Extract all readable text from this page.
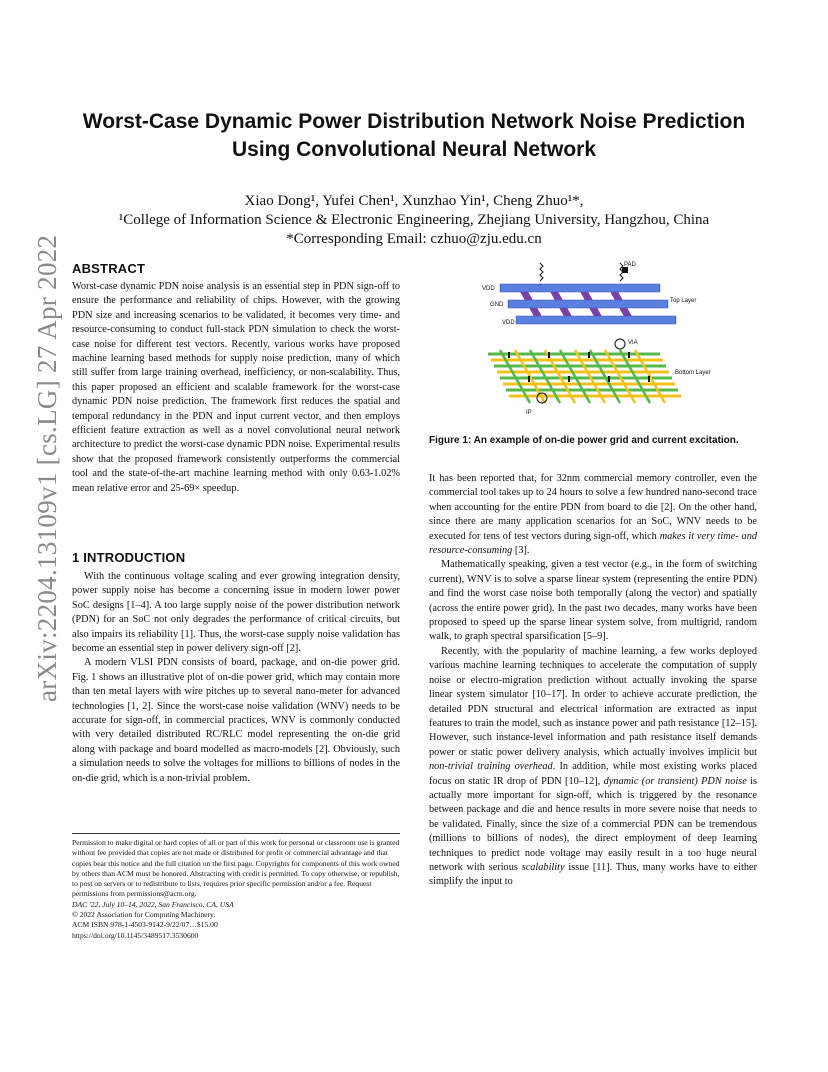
arXiv:2204.13109v1 [cs.LG] 27 Apr 2022
Worst-Case Dynamic Power Distribution Network Noise Prediction Using Convolutional Neural Network
Xiao Dong¹, Yufei Chen¹, Xunzhao Yin¹, Cheng Zhuo¹*,
¹College of Information Science & Electronic Engineering, Zhejiang University, Hangzhou, China
*Corresponding Email: czhuo@zju.edu.cn
ABSTRACT

Worst-case dynamic PDN noise analysis is an essential step in PDN sign-off to ensure the performance and reliability of chips. However, with the growing PDN size and increasing scenarios to be validated, it becomes very time- and resource-consuming to conduct full-stack PDN simulation to check the worst-case noise for different test vectors. Recently, various works have proposed machine learning based methods for supply noise prediction, many of which still suffer from large training overhead, inefficiency, or non-scalability. Thus, this paper proposed an efficient and scalable framework for the worst-case dynamic PDN noise prediction. The framework first reduces the spatial and temporal redundancy in the PDN and input current vector, and then employs efficient feature extraction as well as a novel convolutional neural network architecture to predict the worst-case dynamic PDN noise. Experimental results show that the proposed framework consistently outperforms the commercial tool and the state-of-the-art machine learning method with only 0.63-1.02% mean relative error and 25-69× speedup.

1 INTRODUCTION

With the continuous voltage scaling and ever growing integration density, power supply noise has become a concerning issue in modern lower power SoC designs [1–4]. A too large supply noise of the power distribution network (PDN) for an SoC not only degrades the performance of critical circuits, but also impairs its reliability [1]. Thus, the worst-case supply noise validation has become an essential step in power delivery sign-off [2].

A modern VLSI PDN consists of board, package, and on-die power grid. Fig. 1 shows an illustrative plot of on-die power grid, which may contain more than ten metal layers with wire pitches up to several nano-meter for advanced technologies [1, 2]. Since the worst-case noise validation (WNV) needs to be accurate for sign-off, in commercial practices, WNV is commonly conducted with very detailed distributed RC/RLC model representing the on-die grid along with package and board modelled as macro-models [2]. Obviously, such a simulation needs to solve the voltages for millions to billions of nodes in the on-die grid, which is a non-trivial problem.

Permission to make digital or hard copies of all or part of this work for personal or classroom use is granted without fee provided that copies are not made or distributed for profit or commercial advantage and that copies bear this notice and the full citation on the first page. Copyrights for components of this work owned by others than ACM must be honored. Abstracting with credit is permitted. To copy otherwise, or republish, to post on servers or to redistribute to lists, requires prior specific permission and/or a fee. Request permissions from permissions@acm.org.

DAC '22, July 10–14, 2022, San Francisco, CA, USA

© 2022 Association for Computing Machinery.

ACM ISBN 978-1-4503-9142-9/22/07…$15.00

https://doi.org/10.1145/3489517.3530600

PAD
VDD
GND
VDD
Top Layer
VIA
Bottom Layer
IP
Figure 1: An example of on-die power grid and current excitation.

It has been reported that, for 32nm commercial memory controller, even the commercial tool takes up to 24 hours to solve a few hundred nano-second trace when accounting for the entire PDN from board to die [2]. On the other hand, since there are many application scenarios for an SoC, WNV needs to be executed for tens of test vectors during sign-off, which makes it very time- and resource-consuming [3].

Mathematically speaking, given a test vector (e.g., in the form of switching current), WNV is to solve a sparse linear system (representing the entire PDN) and find the worst case noise both temporally (along the vector) and spatially (across the entire power grid). In the past two decades, many works have been proposed to speed up the sparse linear system solve, from multigrid, random walk, to graph spectral sparsification [5–9].

Recently, with the popularity of machine learning, a few works deployed various machine learning techniques to accelerate the computation of supply noise or electro-migration prediction without actually invoking the sparse linear system simulator [10–17]. In order to achieve accurate prediction, the detailed PDN structural and electrical information are extracted as input features to train the model, such as instance power and path resistance [12–15]. However, such instance-level information and path resistance itself demands power or static power delivery analysis, which actually involves implicit but non-trivial training overhead. In addition, while most existing works placed focus on static IR drop of PDN [10–12], dynamic (or transient) PDN noise is actually more important for sign-off, which is triggered by the resonance between package and die and hence results in more severe noise that needs to be validated. Finally, since the size of a commercial PDN can be tremendous (millions to billions of nodes), the direct employment of deep learning techniques to predict node voltage may easily result in a too huge neural network with serious scalability issue [11]. Thus, many works have to either simplify the input to
